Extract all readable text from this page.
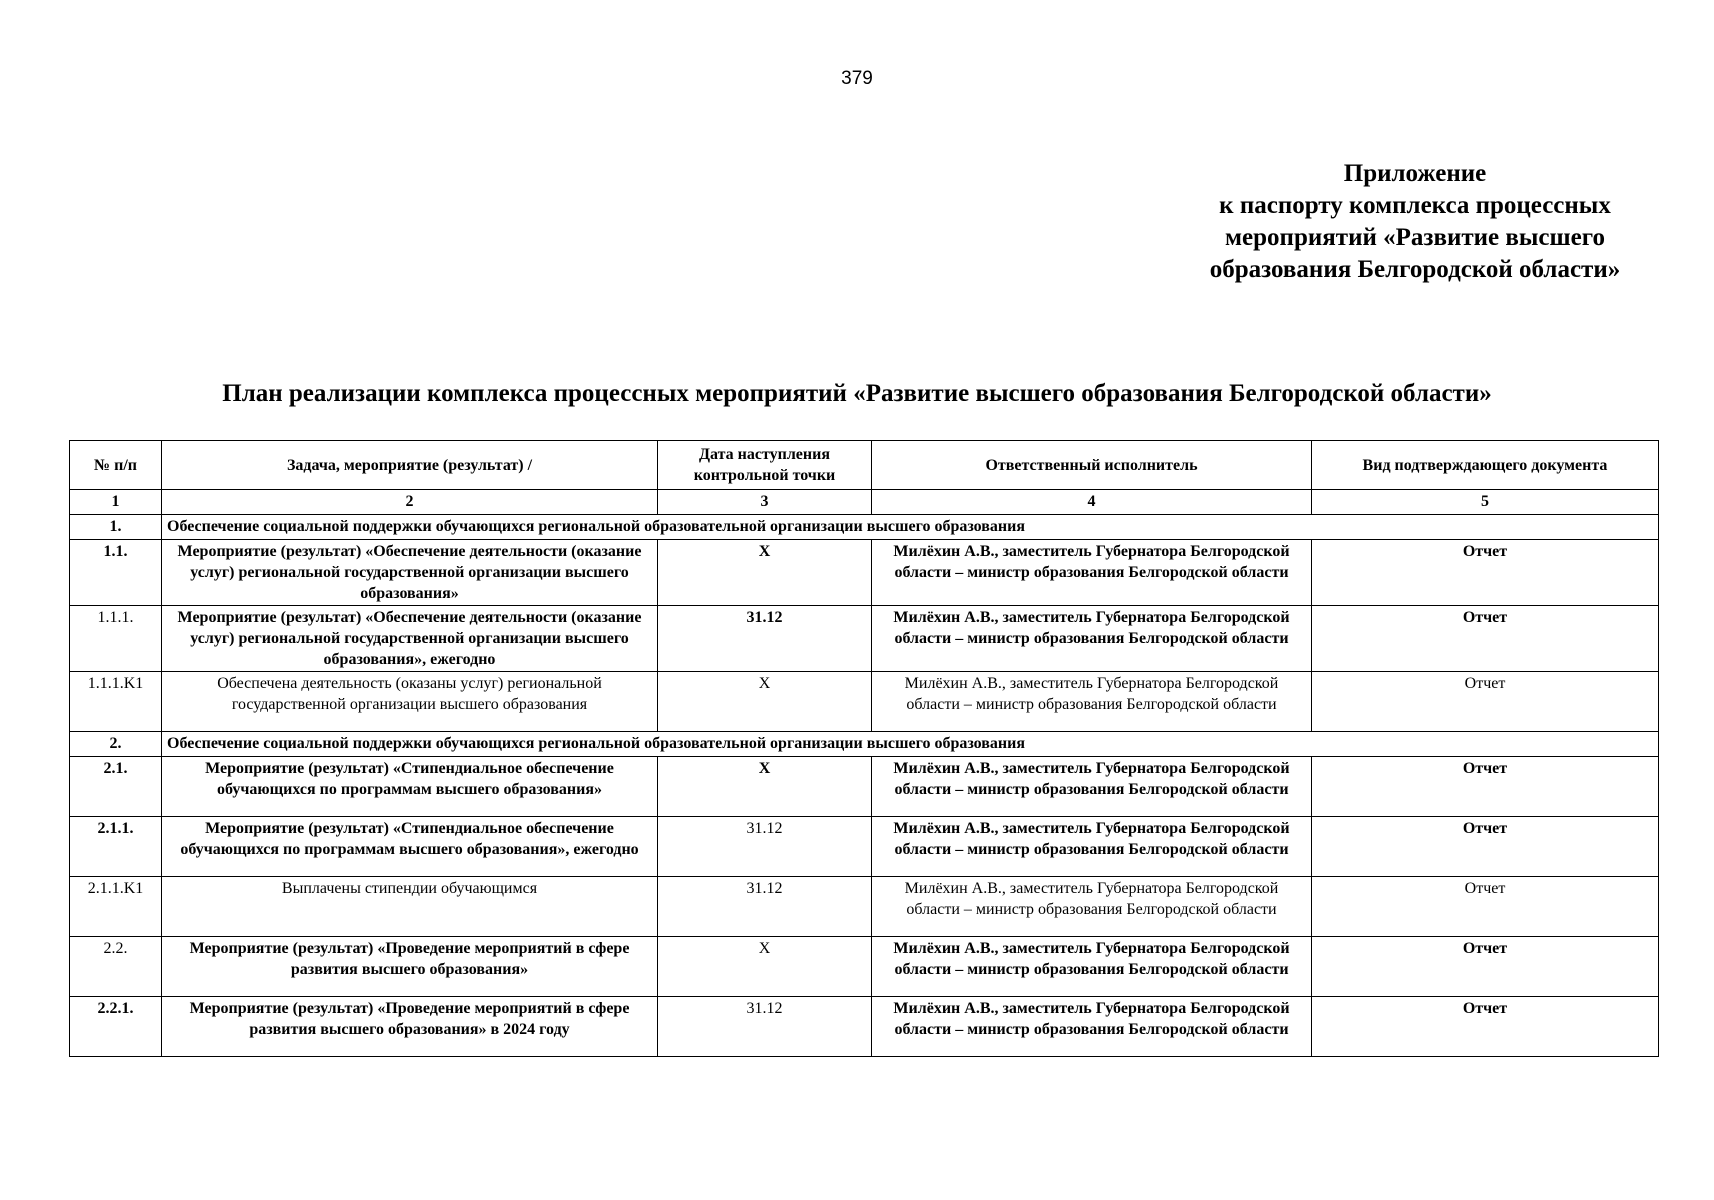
379
Приложение
к паспорту комплекса процессных
мероприятий «Развитие высшего
образования Белгородской области»
План реализации комплекса процессных мероприятий «Развитие высшего образования Белгородской области»
№ п/п	Задача, мероприятие (результат) /	Дата наступления контрольной точки	Ответственный исполнитель	Вид подтверждающего документа
1	2	3	4	5
1.	Обеспечение социальной поддержки обучающихся региональной образовательной организации высшего образования			
1.1.	Мероприятие (результат) «Обеспечение деятельности (оказание услуг) региональной государственной организации высшего образования»	X	Милёхин А.В., заместитель Губернатора Белгородской области – министр образования Белгородской области	Отчет
1.1.1.	Мероприятие (результат) «Обеспечение деятельности (оказание услуг) региональной государственной организации высшего образования», ежегодно	31.12	Милёхин А.В., заместитель Губернатора Белгородской области – министр образования Белгородской области	Отчет
1.1.1.K1	Обеспечена деятельность (оказаны услуг) региональной государственной организации высшего образования	X	Милёхин А.В., заместитель Губернатора Белгородской области – министр образования Белгородской области	Отчет
2.	Обеспечение социальной поддержки обучающихся региональной образовательной организации высшего образования			
2.1.	Мероприятие (результат) «Стипендиальное обеспечение обучающихся по программам высшего образования»	X	Милёхин А.В., заместитель Губернатора Белгородской области – министр образования Белгородской области	Отчет
2.1.1.	Мероприятие (результат) «Стипендиальное обеспечение обучающихся по программам высшего образования», ежегодно	31.12	Милёхин А.В., заместитель Губернатора Белгородской области – министр образования Белгородской области	Отчет
2.1.1.K1	Выплачены стипендии обучающимся	31.12	Милёхин А.В., заместитель Губернатора Белгородской области – министр образования Белгородской области	Отчет
2.2.	Мероприятие (результат) «Проведение мероприятий в сфере развития высшего образования»	X	Милёхин А.В., заместитель Губернатора Белгородской области – министр образования Белгородской области	Отчет
2.2.1.	Мероприятие (результат) «Проведение мероприятий в сфере развития высшего образования» в 2024 году	31.12	Милёхин А.В., заместитель Губернатора Белгородской области – министр образования Белгородской области	Отчет
